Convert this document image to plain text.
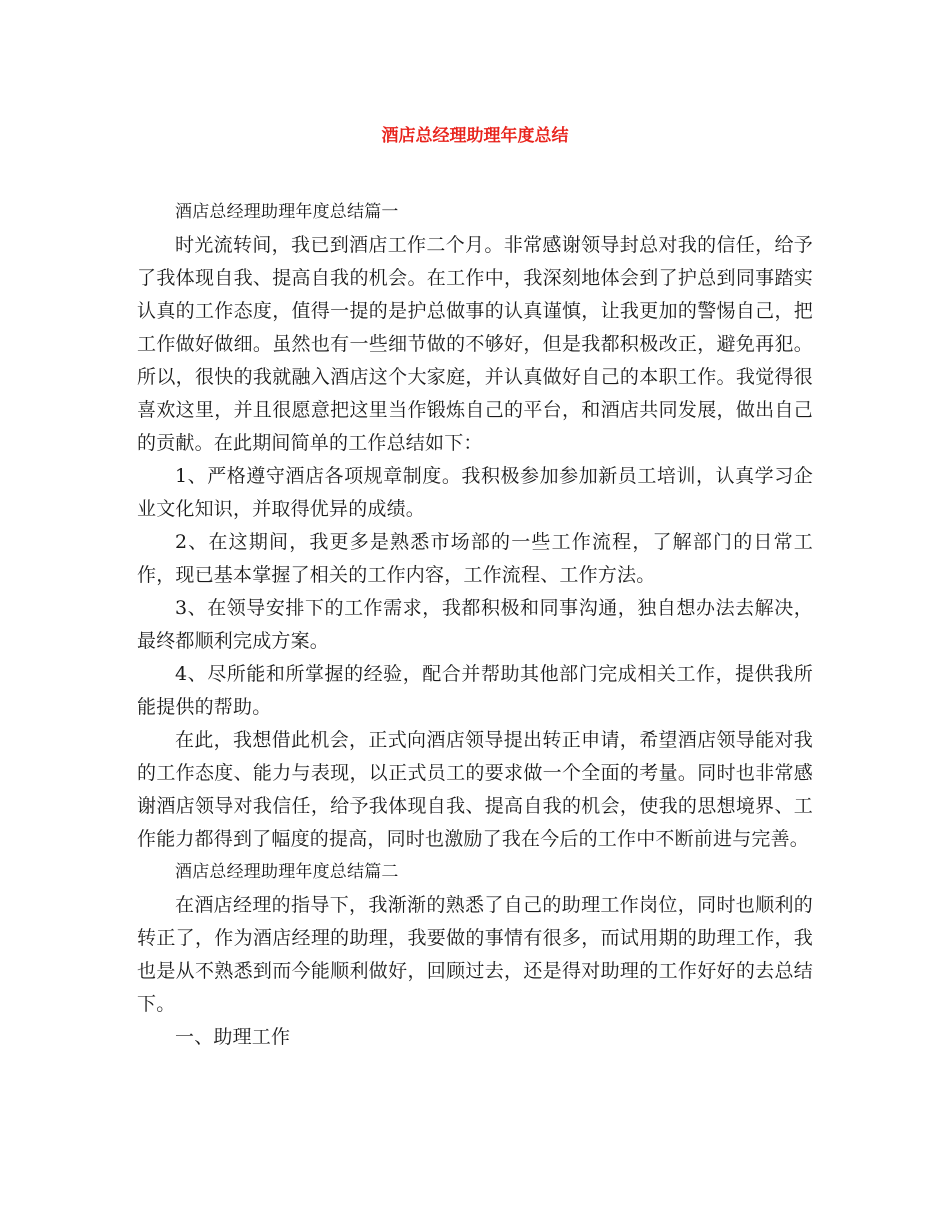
酒店总经理助理年度总结

酒店总经理助理年度总结篇一

时光流转间，我已到酒店工作二个月。非常感谢领导封总对我的信任，给予了我体现自我、提高自我的机会。在工作中，我深刻地体会到了护总到同事踏实认真的工作态度，值得一提的是护总做事的认真谨慎，让我更加的警惕自己，把工作做好做细。虽然也有一些细节做的不够好，但是我都积极改正，避免再犯。所以，很快的我就融入酒店这个大家庭，并认真做好自己的本职工作。我觉得很喜欢这里，并且很愿意把这里当作锻炼自己的平台，和酒店共同发展，做出自己的贡献。在此期间简单的工作总结如下：

1、严格遵守酒店各项规章制度。我积极参加参加新员工培训，认真学习企业文化知识，并取得优异的成绩。

2、在这期间，我更多是熟悉市场部的一些工作流程，了解部门的日常工作，现已基本掌握了相关的工作内容，工作流程、工作方法。

3、在领导安排下的工作需求，我都积极和同事沟通，独自想办法去解决，最终都顺利完成方案。

4、尽所能和所掌握的经验，配合并帮助其他部门完成相关工作，提供我所能提供的帮助。

在此，我想借此机会，正式向酒店领导提出转正申请，希望酒店领导能对我的工作态度、能力与表现，以正式员工的要求做一个全面的考量。同时也非常感谢酒店领导对我信任，给予我体现自我、提高自我的机会，使我的思想境界、工作能力都得到了幅度的提高，同时也激励了我在今后的工作中不断前进与完善。

酒店总经理助理年度总结篇二

在酒店经理的指导下，我渐渐的熟悉了自己的助理工作岗位，同时也顺利的转正了，作为酒店经理的助理，我要做的事情有很多，而试用期的助理工作，我也是从不熟悉到而今能顺利做好，回顾过去，还是得对助理的工作好好的去总结下。

一、助理工作
